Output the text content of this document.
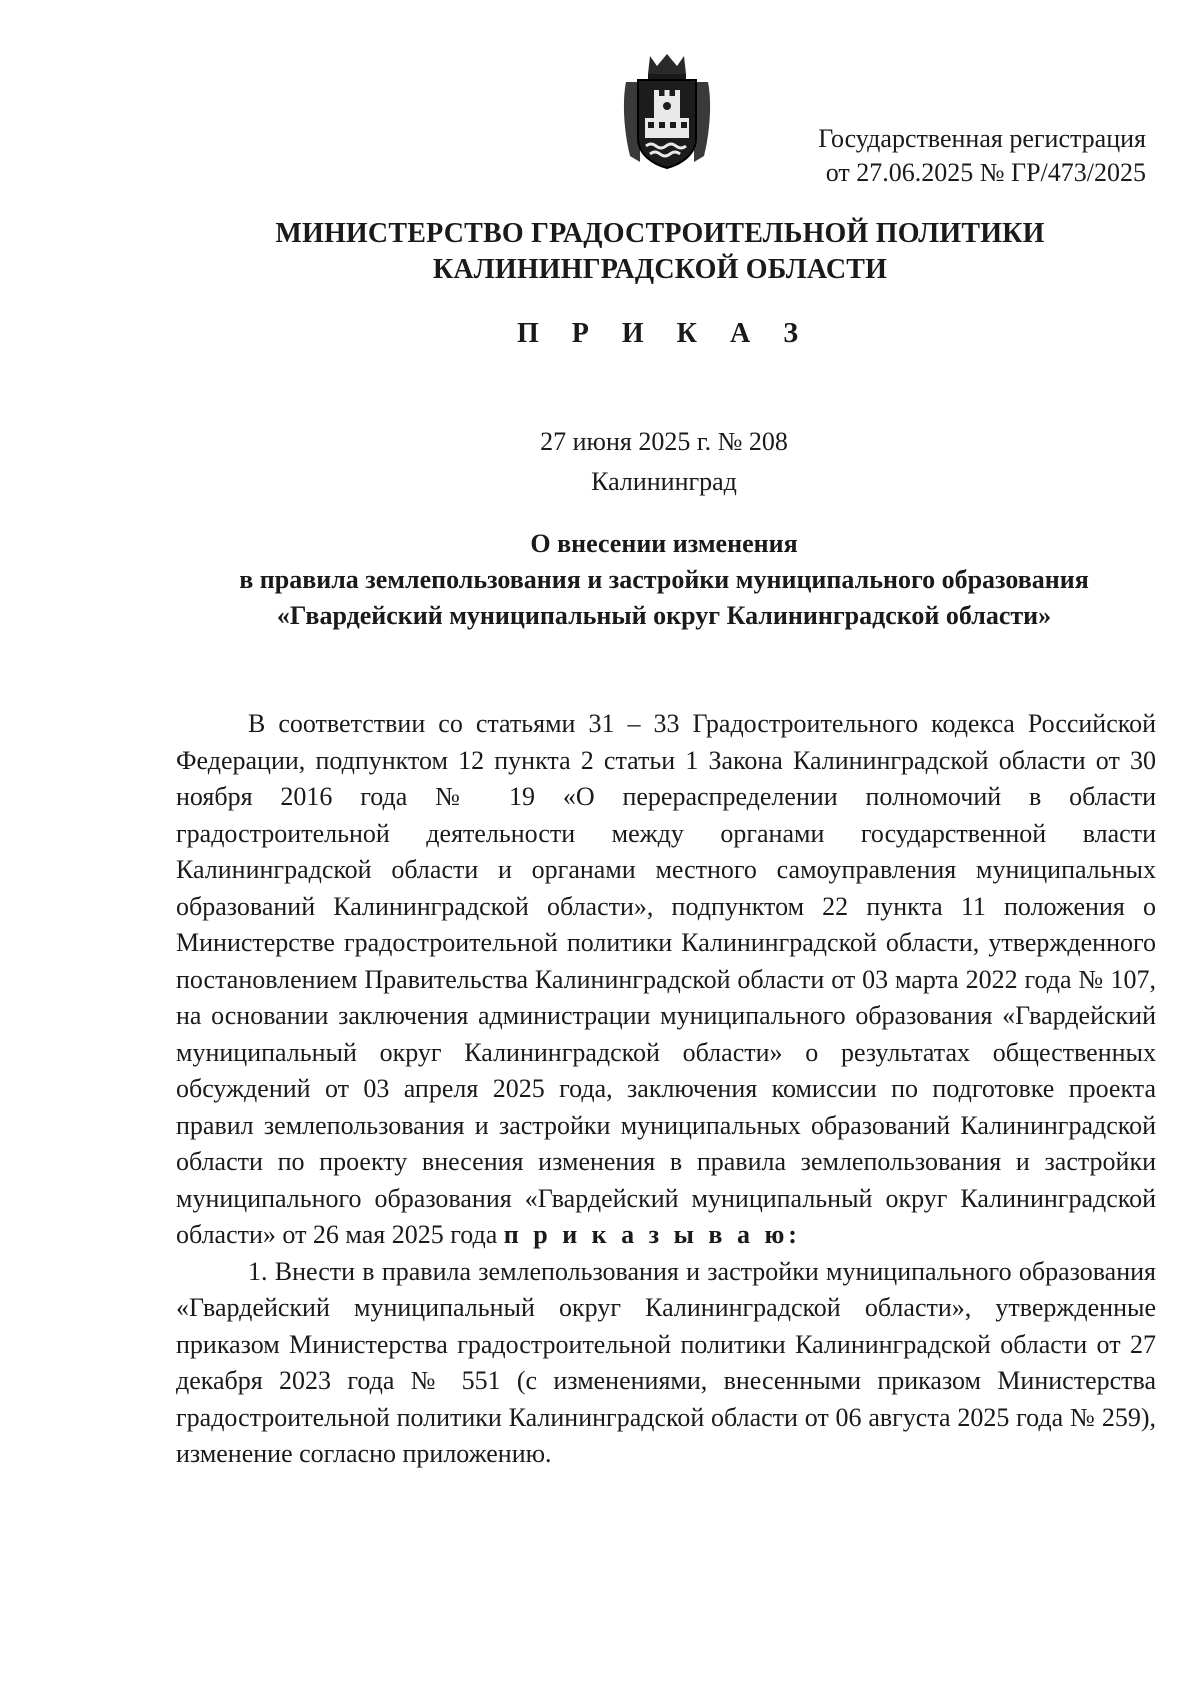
Государственная регистрация
от 27.06.2025 № ГР/473/2025
МИНИСТЕРСТВО ГРАДОСТРОИТЕЛЬНОЙ ПОЛИТИКИ
КАЛИНИНГРАДСКОЙ ОБЛАСТИ
П Р И К А З
27 июня 2025 г. № 208
Калининград
О внесении изменения
в правила землепользования и застройки муниципального образования
«Гвардейский муниципальный округ Калининградской области»

В соответствии со статьями 31 – 33 Градостроительного кодекса Российской Федерации, подпунктом 12 пункта 2 статьи 1 Закона Калининградской области от 30 ноября 2016 года № 19 «О перераспределении полномочий в области градостроительной деятельности между органами государственной власти Калининградской области и органами местного самоуправления муниципальных образований Калининградской области», подпунктом 22 пункта 11 положения о Министерстве градостроительной политики Калининградской области, утвержденного постановлением Правительства Калининградской области от 03 марта 2022 года № 107, на основании заключения администрации муниципального образования «Гвардейский муниципальный округ Калининградской области» о результатах общественных обсуждений от 03 апреля 2025 года, заключения комиссии по подготовке проекта правил землепользования и застройки муниципальных образований Калининградской области по проекту внесения изменения в правила землепользования и застройки муниципального образования «Гвардейский муниципальный округ Калининградской области» от 26 мая 2025 года п р и к а з ы в а ю:

1. Внести в правила землепользования и застройки муниципального образования «Гвардейский муниципальный округ Калининградской области», утвержденные приказом Министерства градостроительной политики Калининградской области от 27 декабря 2023 года № 551 (с изменениями, внесенными приказом Министерства градостроительной политики Калининградской области от 06 августа 2025 года № 259), изменение согласно приложению.
